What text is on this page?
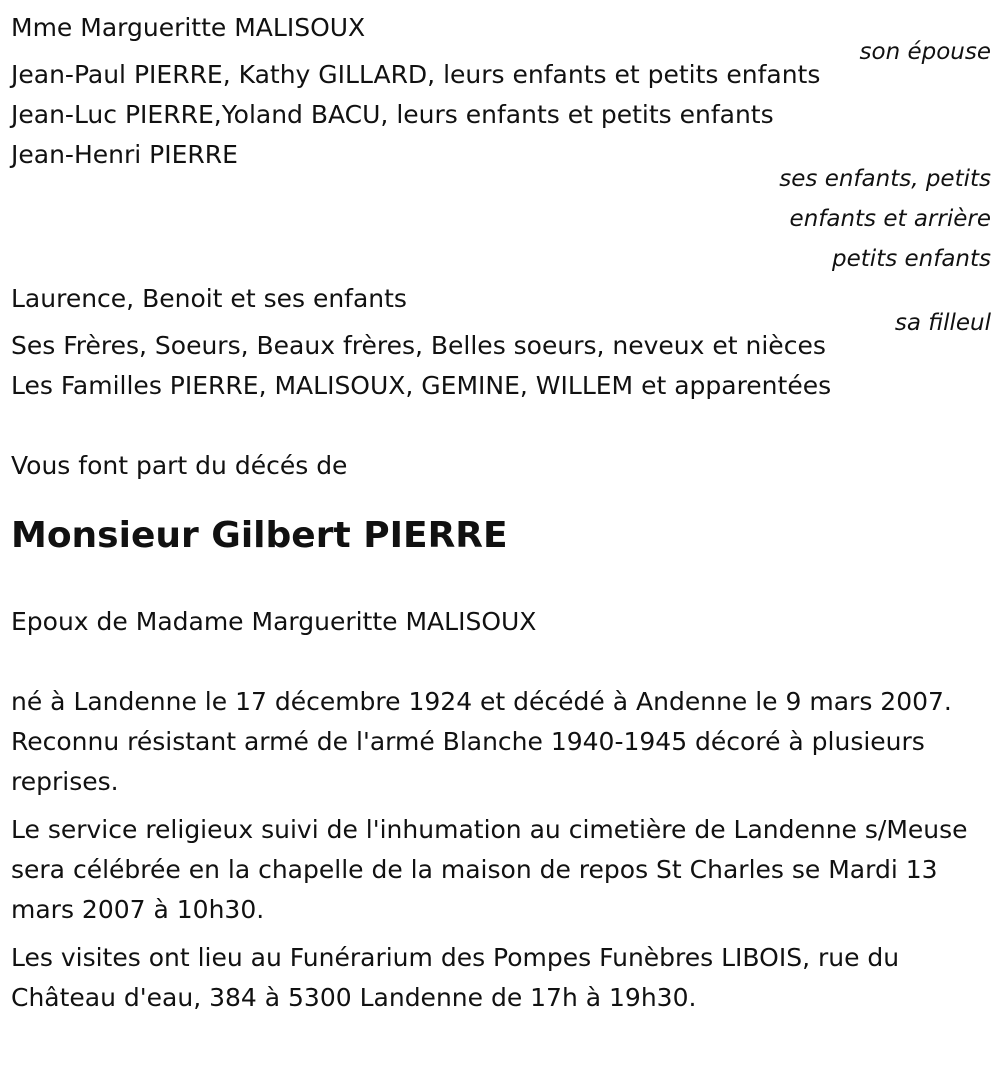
Mme Margueritte MALISOUX

son épouse

Jean-Paul PIERRE, Kathy GILLARD, leurs enfants et petits enfants

Jean-Luc PIERRE,Yoland BACU, leurs enfants et petits enfants

Jean-Henri PIERRE

ses enfants, petits

enfants et arrière

petits enfants

Laurence, Benoit et ses enfants

sa filleul

Ses Frères, Soeurs, Beaux frères, Belles soeurs, neveux et nièces

Les Familles PIERRE, MALISOUX, GEMINE, WILLEM et apparentées

Vous font part du décés de

Monsieur Gilbert PIERRE

Epoux de Madame Margueritte MALISOUX

né à Landenne le 17 décembre 1924 et décédé à Andenne le 9 mars 2007. Reconnu résistant armé de l'armé Blanche 1940-1945 décoré à plusieurs reprises.

Le service religieux suivi de l'inhumation au cimetière de Landenne s/Meuse sera célébrée en la chapelle de la maison de repos St Charles se Mardi 13 mars 2007 à 10h30.

Les visites ont lieu au Funérarium des Pompes Funèbres LIBOIS, rue du Château d'eau, 384 à 5300 Landenne de 17h à 19h30.
